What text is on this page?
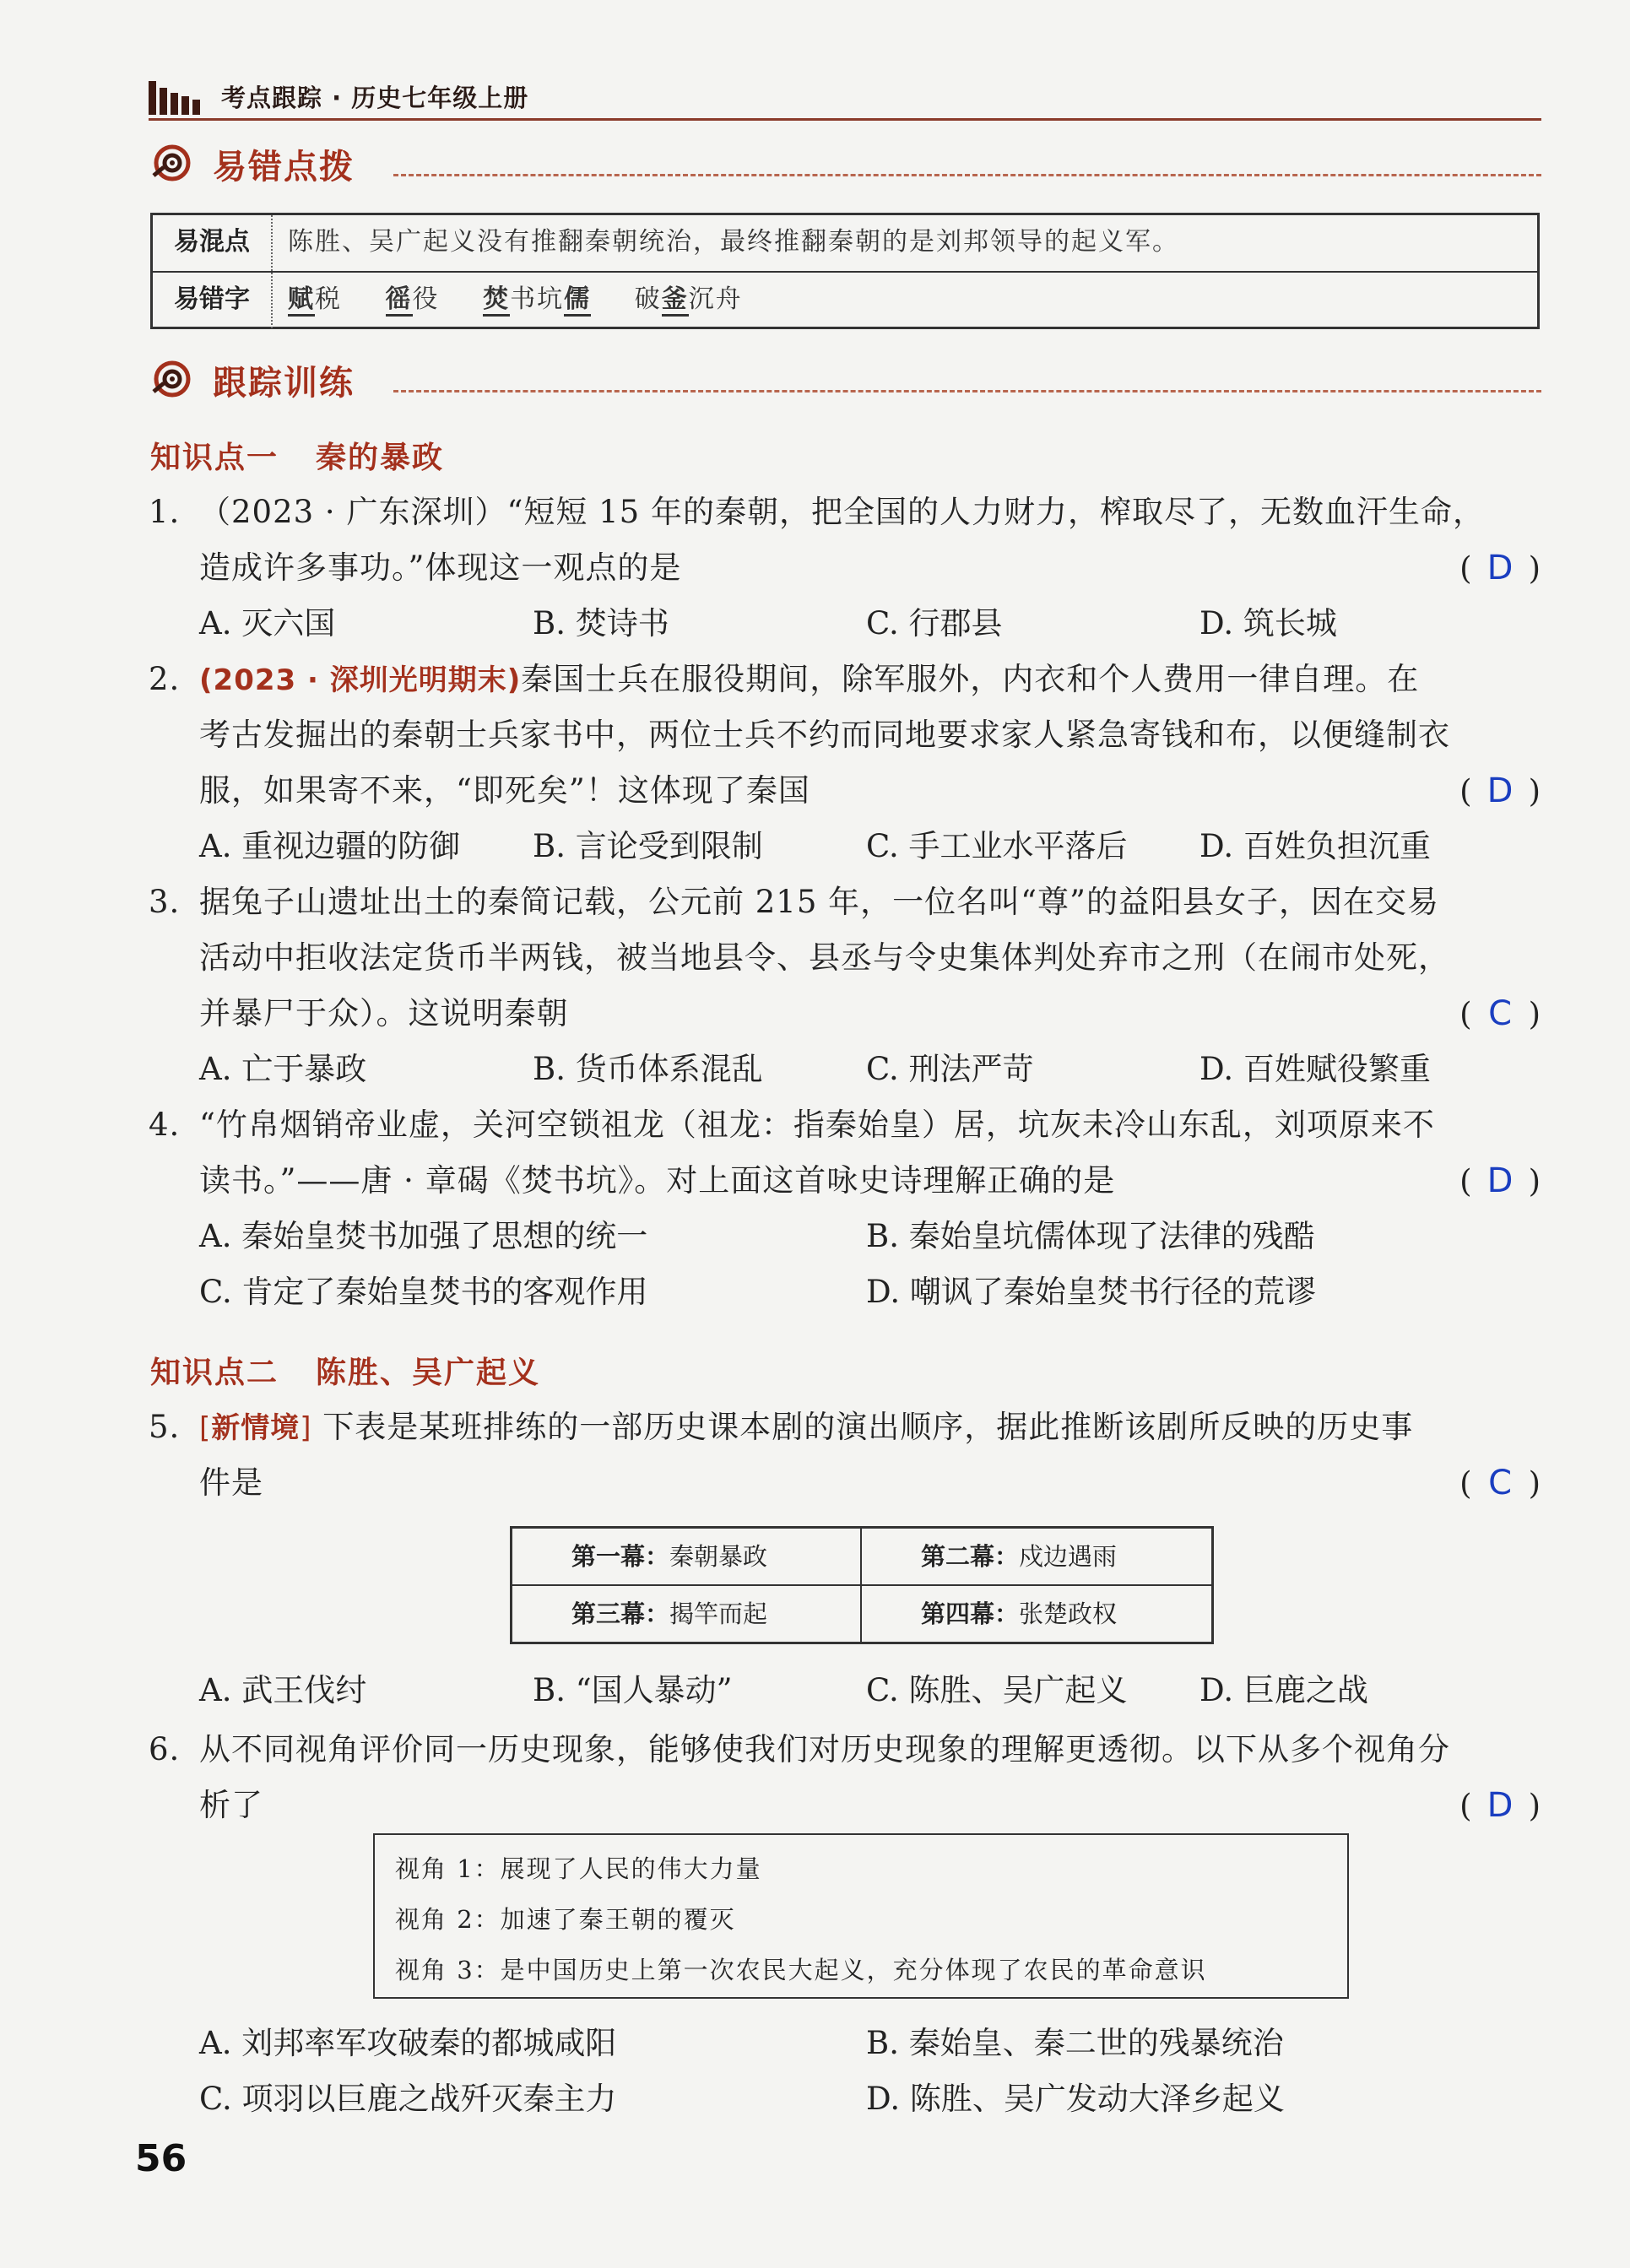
考点跟踪 · 历史七年级上册
易错点拨
易混点	陈胜、吴广起义没有推翻秦朝统治，最终推翻秦朝的是刘邦领导的起义军。
易错字	赋税 徭役 焚书坑儒 破釜沉舟
跟踪训练
知识点一 秦的暴政
1. （2023 · 广东深圳）“短短 15 年的秦朝，把全国的人力财力，榨取尽了，无数血汗生命，
造成许多事功。”体现这一观点的是	( D )
A. 灭六国	B. 焚诗书	C. 行郡县	D. 筑长城
2. (2023 · 深圳光明期末)秦国士兵在服役期间，除军服外，内衣和个人费用一律自理。在
考古发掘出的秦朝士兵家书中，两位士兵不约而同地要求家人紧急寄钱和布，以便缝制衣
服，如果寄不来，“即死矣”！这体现了秦国	( D )
A. 重视边疆的防御 B. 言论受到限制	C. 手工业水平落后 D. 百姓负担沉重
3. 据兔子山遗址出土的秦简记载，公元前 215 年，一位名叫“尊”的益阳县女子，因在交易
活动中拒收法定货币半两钱，被当地县令、县丞与令史集体判处弃市之刑（在闹市处死，
并暴尸于众）。这说明秦朝	( C )
A. 亡于暴政	B. 货币体系混乱	C. 刑法严苛	D. 百姓赋役繁重
4. “竹帛烟销帝业虚，关河空锁祖龙（祖龙：指秦始皇）居，坑灰未冷山东乱，刘项原来不
读书。”——唐 · 章碣《焚书坑》。对上面这首咏史诗理解正确的是	( D )
A. 秦始皇焚书加强了思想的统一	B. 秦始皇坑儒体现了法律的残酷
C. 肯定了秦始皇焚书的客观作用	D. 嘲讽了秦始皇焚书行径的荒谬
知识点二 陈胜、吴广起义
5. [新情境] 下表是某班排练的一部历史课本剧的演出顺序，据此推断该剧所反映的历史事
件是	( C )
第一幕：秦朝暴政	第二幕：戍边遇雨
第三幕：揭竿而起	第四幕：张楚政权
A. 武王伐纣	B. “国人暴动”	C. 陈胜、吴广起义 D. 巨鹿之战
6. 从不同视角评价同一历史现象，能够使我们对历史现象的理解更透彻。以下从多个视角分
析了	( D )
视角 1：展现了人民的伟大力量
视角 2：加速了秦王朝的覆灭
视角 3：是中国历史上第一次农民大起义，充分体现了农民的革命意识
A. 刘邦率军攻破秦的都城咸阳	B. 秦始皇、秦二世的残暴统治
C. 项羽以巨鹿之战歼灭秦主力	D. 陈胜、吴广发动大泽乡起义
56
